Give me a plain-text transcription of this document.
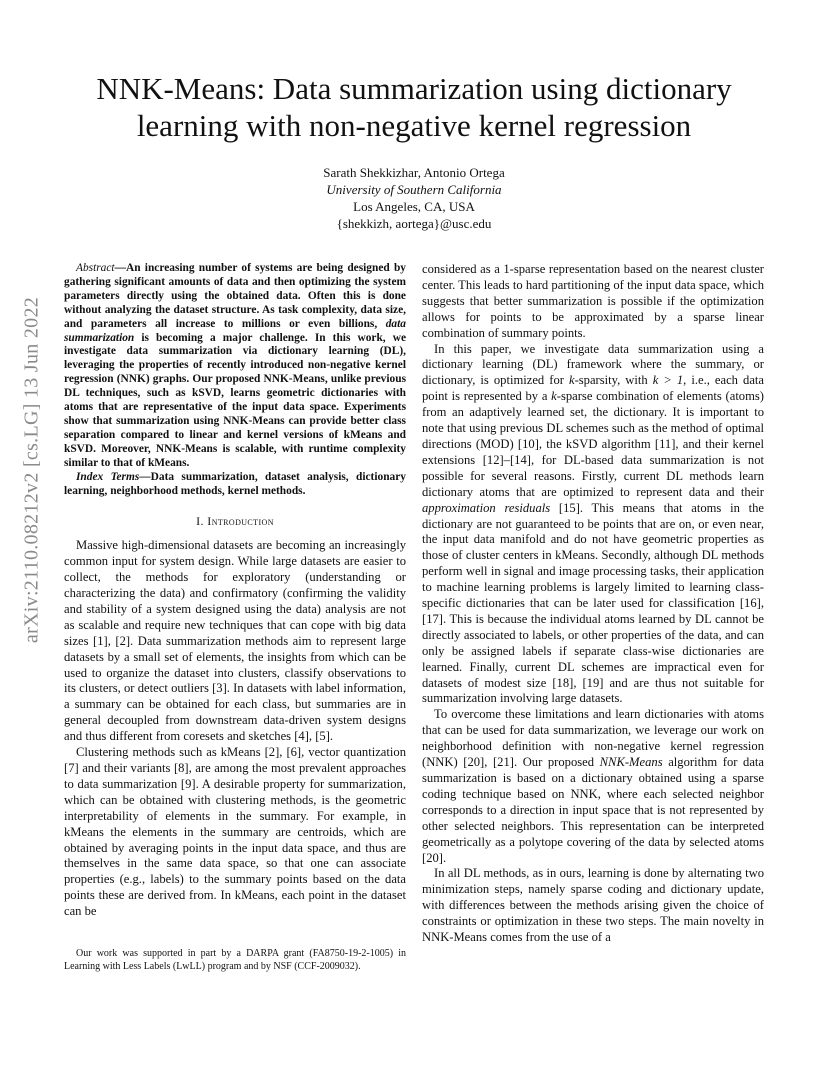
arXiv:2110.08212v2 [cs.LG] 13 Jun 2022
NNK-Means: Data summarization using dictionary
learning with non-negative kernel regression
Sarath Shekkizhar, Antonio Ortega
University of Southern California
Los Angeles, CA, USA
{shekkizh, aortega}@usc.edu

Abstract—An increasing number of systems are being designed by gathering significant amounts of data and then optimizing the system parameters directly using the obtained data. Often this is done without analyzing the dataset structure. As task complexity, data size, and parameters all increase to millions or even billions, data summarization is becoming a major challenge. In this work, we investigate data summarization via dictionary learning (DL), leveraging the properties of recently introduced non-negative kernel regression (NNK) graphs. Our proposed NNK-Means, unlike previous DL techniques, such as kSVD, learns geometric dictionaries with atoms that are representative of the input data space. Experiments show that summarization using NNK-Means can provide better class separation compared to linear and kernel versions of kMeans and kSVD. Moreover, NNK-Means is scalable, with runtime complexity similar to that of kMeans.

Index Terms—Data summarization, dataset analysis, dictionary learning, neighborhood methods, kernel methods.

I. Introduction

Massive high-dimensional datasets are becoming an increasingly common input for system design. While large datasets are easier to collect, the methods for exploratory (understanding or characterizing the data) and confirmatory (confirming the validity and stability of a system designed using the data) analysis are not as scalable and require new techniques that can cope with big data sizes [1], [2]. Data summarization methods aim to represent large datasets by a small set of elements, the insights from which can be used to organize the dataset into clusters, classify observations to its clusters, or detect outliers [3]. In datasets with label information, a summary can be obtained for each class, but summaries are in general decoupled from downstream data-driven system designs and thus different from coresets and sketches [4], [5].

Clustering methods such as kMeans [2], [6], vector quantization [7] and their variants [8], are among the most prevalent approaches to data summarization [9]. A desirable property for summarization, which can be obtained with clustering methods, is the geometric interpretability of elements in the summary. For example, in kMeans the elements in the summary are centroids, which are obtained by averaging points in the input data space, and thus are themselves in the same data space, so that one can associate properties (e.g., labels) to the summary points based on the data points these are derived from. In kMeans, each point in the dataset can be

Our work was supported in part by a DARPA grant (FA8750-19-2-1005) in Learning with Less Labels (LwLL) program and by NSF (CCF-2009032).

considered as a 1-sparse representation based on the nearest cluster center. This leads to hard partitioning of the input data space, which suggests that better summarization is possible if the optimization allows for points to be approximated by a sparse linear combination of summary points.

In this paper, we investigate data summarization using a dictionary learning (DL) framework where the summary, or dictionary, is optimized for k-sparsity, with k > 1, i.e., each data point is represented by a k-sparse combination of elements (atoms) from an adaptively learned set, the dictionary. It is important to note that using previous DL schemes such as the method of optimal directions (MOD) [10], the kSVD algorithm [11], and their kernel extensions [12]–[14], for DL-based data summarization is not possible for several reasons. Firstly, current DL methods learn dictionary atoms that are optimized to represent data and their approximation residuals [15]. This means that atoms in the dictionary are not guaranteed to be points that are on, or even near, the input data manifold and do not have geometric properties as those of cluster centers in kMeans. Secondly, although DL methods perform well in signal and image processing tasks, their application to machine learning problems is largely limited to learning class-specific dictionaries that can be later used for classification [16], [17]. This is because the individual atoms learned by DL cannot be directly associated to labels, or other properties of the data, and can only be assigned labels if separate class-wise dictionaries are learned. Finally, current DL schemes are impractical even for datasets of modest size [18], [19] and are thus not suitable for summarization involving large datasets.

To overcome these limitations and learn dictionaries with atoms that can be used for data summarization, we leverage our work on neighborhood definition with non-negative kernel regression (NNK) [20], [21]. Our proposed NNK-Means algorithm for data summarization is based on a dictionary obtained using a sparse coding technique based on NNK, where each selected neighbor corresponds to a direction in input space that is not represented by other selected neighbors. This representation can be interpreted geometrically as a polytope covering of the data by selected atoms [20].

In all DL methods, as in ours, learning is done by alternating two minimization steps, namely sparse coding and dictionary update, with differences between the methods arising given the choice of constraints or optimization in these two steps. The main novelty in NNK-Means comes from the use of a
